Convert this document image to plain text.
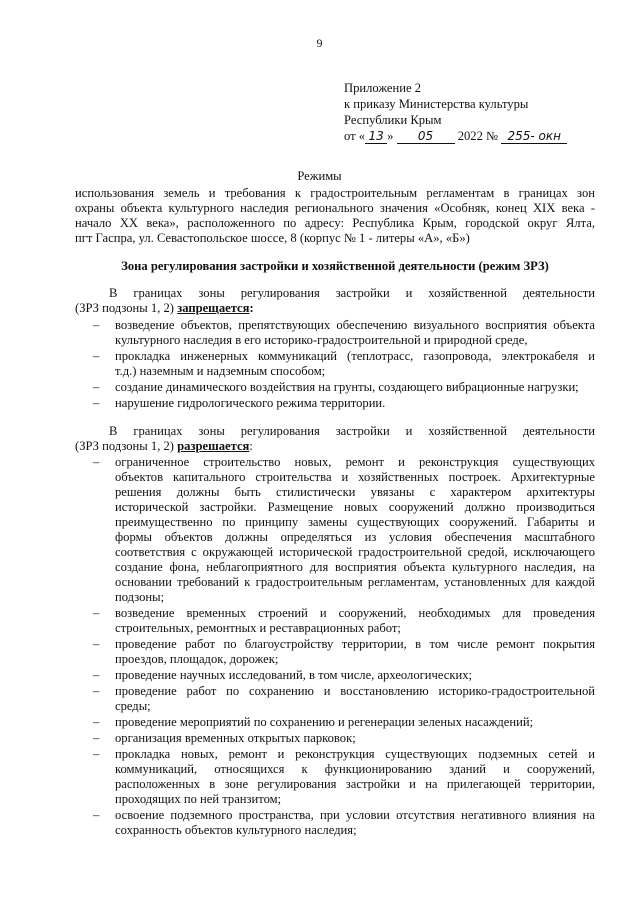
9
Приложение 2
к приказу Министерства культуры
Республики Крым
от « 13 » 05 2022 № 255- окн
Режимы
использования земель и требования к градостроительным регламентам в границах зон
охраны объекта культурного наследия регионального значения «Особняк, конец XIX века -
начало XX века», расположенного по адресу: Республика Крым, городской округ Ялта,
пгт Гаспра, ул. Севастопольское шоссе, 8 (корпус № 1 - литеры «А», «Б»)
Зона регулирования застройки и хозяйственной деятельности (режим ЗРЗ)
В границах зоны регулирования застройки и хозяйственной деятельности
(ЗРЗ подзоны 1, 2) запрещается:
– возведение объектов, препятствующих обеспечению визуального восприятия объекта
культурного наследия в его историко-градостроительной и природной среде,
– прокладка инженерных коммуникаций (теплотрасс, газопровода, электрокабеля и
т.д.) наземным и надземным способом;
– создание динамического воздействия на грунты, создающего вибрационные нагрузки;
– нарушение гидрологического режима территории.
В границах зоны регулирования застройки и хозяйственной деятельности
(ЗРЗ подзоны 1, 2) разрешается:
– ограниченное строительство новых, ремонт и реконструкция существующих
объектов капитального строительства и хозяйственных построек. Архитектурные
решения должны быть стилистически увязаны с характером архитектуры
исторической застройки. Размещение новых сооружений должно производиться
преимущественно по принципу замены существующих сооружений. Габариты и
формы объектов должны определяться из условия обеспечения масштабного
соответствия с окружающей исторической градостроительной средой, исключающего
создание фона, неблагоприятного для восприятия объекта культурного наследия, на
основании требований к градостроительным регламентам, установленных для каждой
подзоны;
– возведение временных строений и сооружений, необходимых для проведения
строительных, ремонтных и реставрационных работ;
– проведение работ по благоустройству территории, в том числе ремонт покрытия
проездов, площадок, дорожек;
– проведение научных исследований, в том числе, археологических;
– проведение работ по сохранению и восстановлению историко-градостроительной
среды;
– проведение мероприятий по сохранению и регенерации зеленых насаждений;
– организация временных открытых парковок;
– прокладка новых, ремонт и реконструкция существующих подземных сетей и
коммуникаций, относящихся к функционированию зданий и сооружений,
расположенных в зоне регулирования застройки и на прилегающей территории,
проходящих по ней транзитом;
– освоение подземного пространства, при условии отсутствия негативного влияния на
сохранность объектов культурного наследия;
